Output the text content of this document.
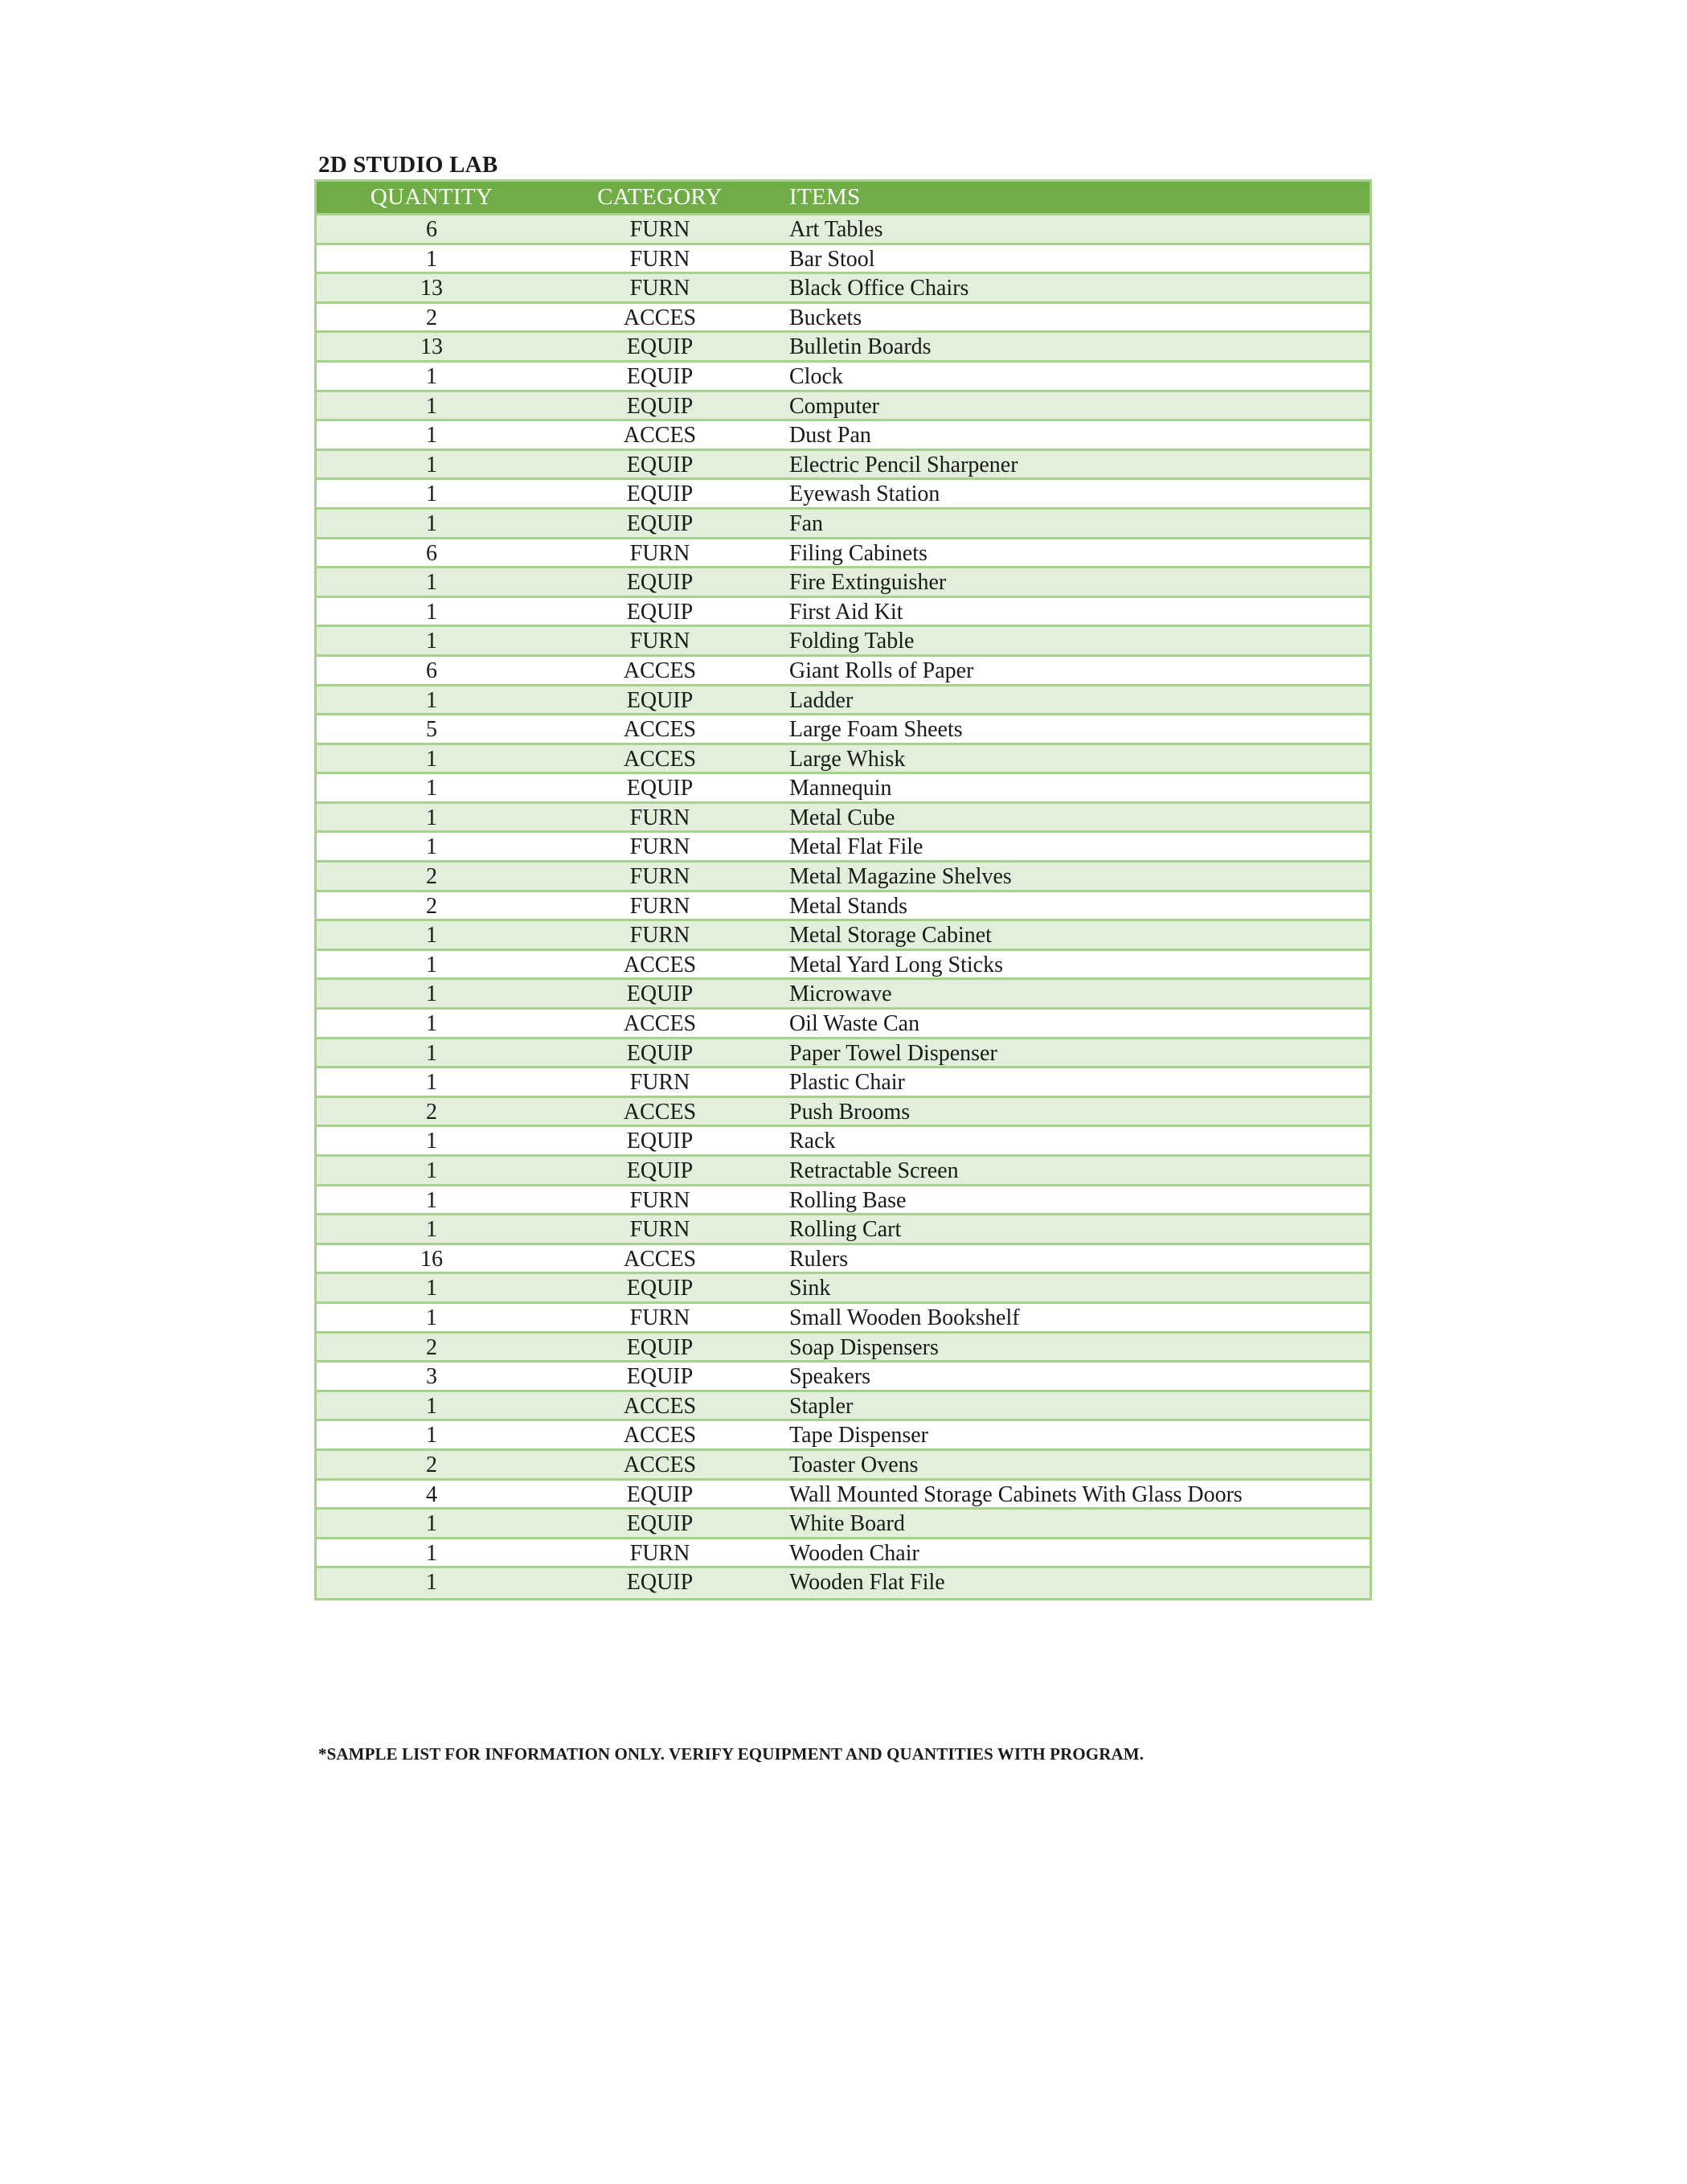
2D STUDIO LAB
QUANTITY	CATEGORY	ITEMS
6	FURN	Art Tables
1	FURN	Bar Stool
13	FURN	Black Office Chairs
2	ACCES	Buckets
13	EQUIP	Bulletin Boards
1	EQUIP	Clock
1	EQUIP	Computer
1	ACCES	Dust Pan
1	EQUIP	Electric Pencil Sharpener
1	EQUIP	Eyewash Station
1	EQUIP	Fan
6	FURN	Filing Cabinets
1	EQUIP	Fire Extinguisher
1	EQUIP	First Aid Kit
1	FURN	Folding Table
6	ACCES	Giant Rolls of Paper
1	EQUIP	Ladder
5	ACCES	Large Foam Sheets
1	ACCES	Large Whisk
1	EQUIP	Mannequin
1	FURN	Metal Cube
1	FURN	Metal Flat File
2	FURN	Metal Magazine Shelves
2	FURN	Metal Stands
1	FURN	Metal Storage Cabinet
1	ACCES	Metal Yard Long Sticks
1	EQUIP	Microwave
1	ACCES	Oil Waste Can
1	EQUIP	Paper Towel Dispenser
1	FURN	Plastic Chair
2	ACCES	Push Brooms
1	EQUIP	Rack
1	EQUIP	Retractable Screen
1	FURN	Rolling Base
1	FURN	Rolling Cart
16	ACCES	Rulers
1	EQUIP	Sink
1	FURN	Small Wooden Bookshelf
2	EQUIP	Soap Dispensers
3	EQUIP	Speakers
1	ACCES	Stapler
1	ACCES	Tape Dispenser
2	ACCES	Toaster Ovens
4	EQUIP	Wall Mounted Storage Cabinets With Glass Doors
1	EQUIP	White Board
1	FURN	Wooden Chair
1	EQUIP	Wooden Flat File
*SAMPLE LIST FOR INFORMATION ONLY. VERIFY EQUIPMENT AND QUANTITIES WITH PROGRAM.
